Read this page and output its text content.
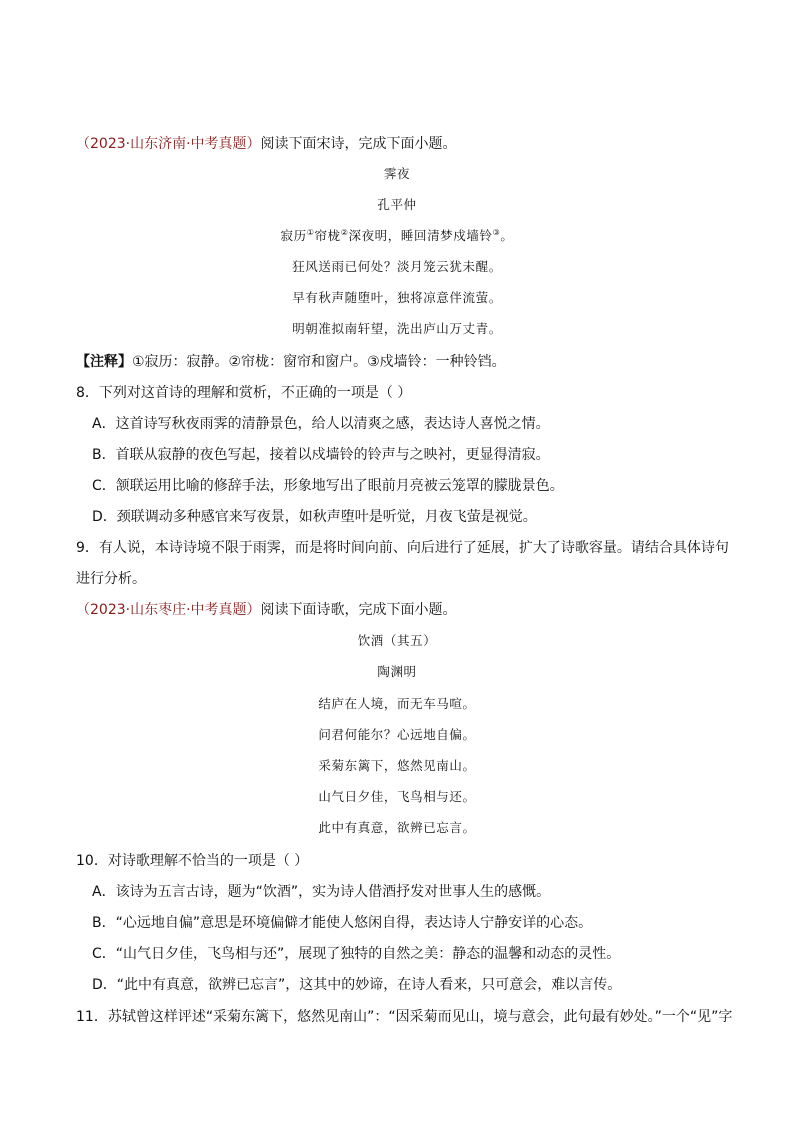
（2023·山东济南·中考真题）阅读下面宋诗，完成下面小题。
霁夜
孔平仲
寂历①帘栊②深夜明，睡回清梦戍墙铃③。
狂风送雨已何处？淡月笼云犹未醒。
早有秋声随堕叶，独将凉意伴流萤。
明朝准拟南轩望，洗出庐山万丈青。
【注释】①寂历：寂静。②帘栊：窗帘和窗户。③戍墙铃：一种铃铛。
8．下列对这首诗的理解和赏析，不正确的一项是（ ）
A．这首诗写秋夜雨霁的清静景色，给人以清爽之感，表达诗人喜悦之情。
B．首联从寂静的夜色写起，接着以戍墙铃的铃声与之映衬，更显得清寂。
C．颔联运用比喻的修辞手法，形象地写出了眼前月亮被云笼罩的朦胧景色。
D．颈联调动多种感官来写夜景，如秋声堕叶是听觉，月夜飞萤是视觉。
9．有人说，本诗诗境不限于雨霁，而是将时间向前、向后进行了延展，扩大了诗歌容量。请结合具体诗句
进行分析。
（2023·山东枣庄·中考真题）阅读下面诗歌，完成下面小题。
饮酒（其五）
陶渊明
结庐在人境，而无车马喧。
问君何能尔？心远地自偏。
采菊东篱下，悠然见南山。
山气日夕佳，飞鸟相与还。
此中有真意，欲辨已忘言。
10．对诗歌理解不恰当的一项是（ ）
A．该诗为五言古诗，题为“饮酒”，实为诗人借酒抒发对世事人生的感慨。
B．“心远地自偏”意思是环境偏僻才能使人悠闲自得，表达诗人宁静安详的心态。
C．“山气日夕佳，飞鸟相与还”，展现了独特的自然之美：静态的温馨和动态的灵性。
D．“此中有真意，欲辨已忘言”，这其中的妙谛，在诗人看来，只可意会，难以言传。
11．苏轼曾这样评述“采菊东篱下，悠然见南山”：“因采菊而见山，境与意会，此句最有妙处。”一个“见”字
